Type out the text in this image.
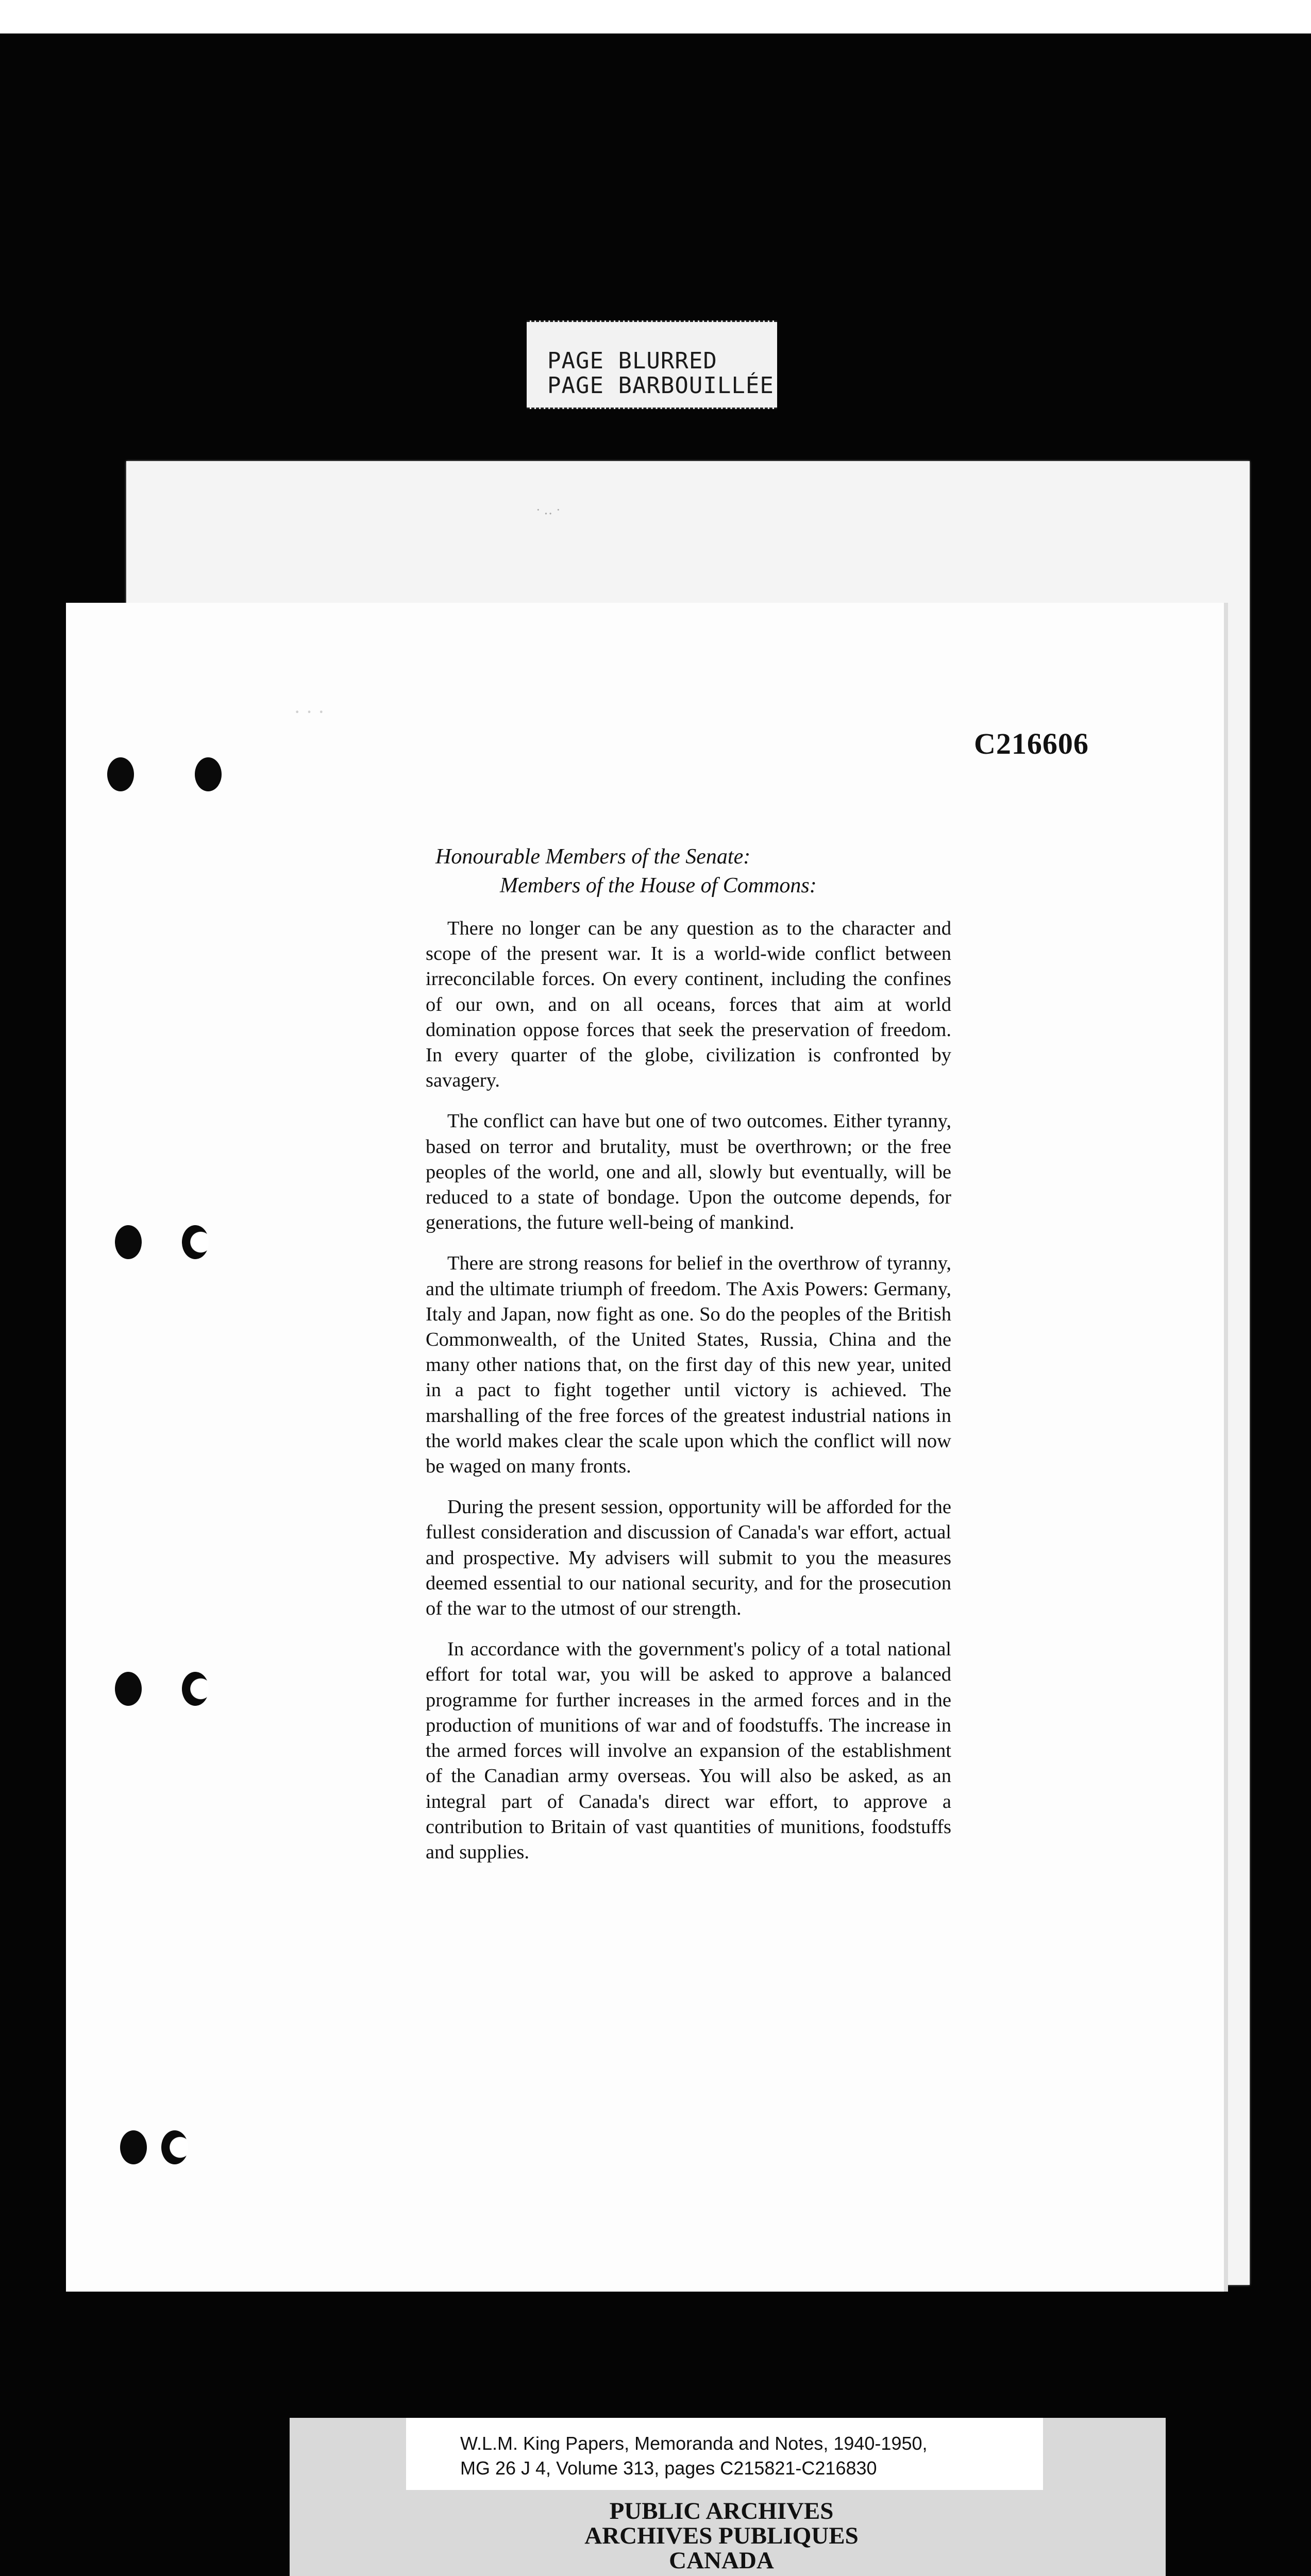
PAGE BLURRED
PAGE BARBOUILLÉE
· ‥ ·
· · ·
C216606
Honourable Members of the Senate:
Members of the House of Commons:

There no longer can be any question as to the character and scope of the present war. It is a world-wide conflict between irreconcilable forces. On every continent, including the confines of our own, and on all oceans, forces that aim at world domination oppose forces that seek the preservation of freedom. In every quarter of the globe, civilization is confronted by savagery.

The conflict can have but one of two outcomes. Either tyranny, based on terror and brutality, must be overthrown; or the free peoples of the world, one and all, slowly but eventually, will be reduced to a state of bondage. Upon the outcome depends, for generations, the future well-being of mankind.

There are strong reasons for belief in the overthrow of tyranny, and the ultimate triumph of freedom. The Axis Powers: Germany, Italy and Japan, now fight as one. So do the peoples of the British Commonwealth, of the United States, Russia, China and the many other nations that, on the first day of this new year, united in a pact to fight together until victory is achieved. The marshalling of the free forces of the greatest industrial nations in the world makes clear the scale upon which the conflict will now be waged on many fronts.

During the present session, opportunity will be afforded for the fullest consideration and discussion of Canada's war effort, actual and prospective. My advisers will submit to you the measures deemed essential to our national security, and for the prosecution of the war to the utmost of our strength.

In accordance with the government's policy of a total national effort for total war, you will be asked to approve a balanced programme for further increases in the armed forces and in the production of munitions of war and of foodstuffs. The increase in the armed forces will involve an expansion of the establishment of the Canadian army overseas. You will also be asked, as an integral part of Canada's direct war effort, to approve a contribution to Britain of vast quantities of munitions, foodstuffs and supplies.

W.L.M. King Papers, Memoranda and Notes, 1940-1950,
MG 26 J 4, Volume 313, pages C215821-C216830
PUBLIC ARCHIVES
ARCHIVES PUBLIQUES
CANADA
